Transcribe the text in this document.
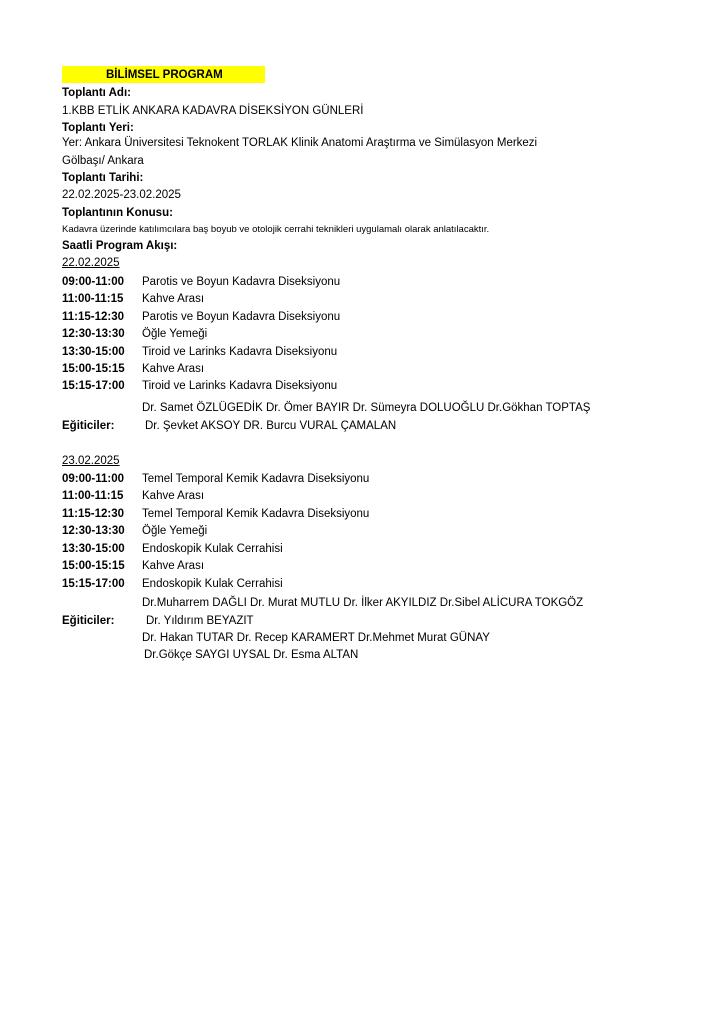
BİLİMSEL PROGRAM
Toplantı Adı:
1.KBB ETLİK ANKARA KADAVRA DİSEKSİYON GÜNLERİ
Toplantı Yeri:
Yer: Ankara Üniversitesi Teknokent TORLAK Klinik Anatomi Araştırma ve Simülasyon Merkezi
Gölbaşı/ Ankara
Toplantı Tarihi:
22.02.2025-23.02.2025
Toplantının Konusu:
Kadavra üzerinde katılımcılara baş boyub ve otolojik cerrahi teknikleri uygulamalı olarak anlatılacaktır.
Saatli Program Akışı:
22.02.2025
09:00-11:00 Parotis ve Boyun Kadavra Diseksiyonu
11:00-11:15 Kahve Arası
11:15-12:30 Parotis ve Boyun Kadavra Diseksiyonu
12:30-13:30 Öğle Yemeği
13:30-15:00 Tiroid ve Larinks Kadavra Diseksiyonu
15:00-15:15 Kahve Arası
15:15-17:00 Tiroid ve Larinks Kadavra Diseksiyonu
Dr. Samet ÖZLÜGEDİK Dr. Ömer BAYIR Dr. Sümeyra DOLUOĞLU Dr.Gökhan TOPTAŞ
Eğiticiler:	Dr. Şevket AKSOY DR. Burcu VURAL ÇAMALAN
23.02.2025
09:00-11:00 Temel Temporal Kemik Kadavra Diseksiyonu
11:00-11:15 Kahve Arası
11:15-12:30 Temel Temporal Kemik Kadavra Diseksiyonu
12:30-13:30 Öğle Yemeği
13:30-15:00 Endoskopik Kulak Cerrahisi
15:00-15:15 Kahve Arası
15:15-17:00 Endoskopik Kulak Cerrahisi
Dr.Muharrem DAĞLI Dr. Murat MUTLU Dr. İlker AKYILDIZ Dr.Sibel ALİCURA TOKGÖZ
Eğiticiler:	Dr. Yıldırım BEYAZIT
Dr. Hakan TUTAR Dr. Recep KARAMERT Dr.Mehmet Murat GÜNAY
Dr.Gökçe SAYGI UYSAL Dr. Esma ALTAN
